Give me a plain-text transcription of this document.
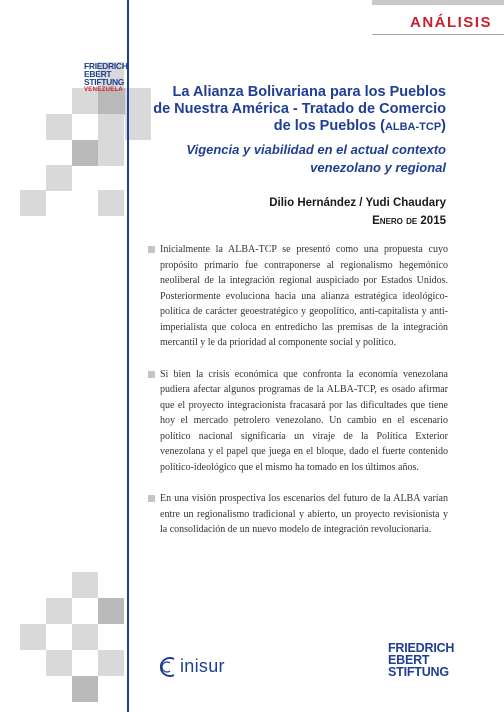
ANÁLISIS
FRIEDRICH
EBERT
STIFTUNG
VENEZUELA	La Alianza Bolivariana para los Pueblos
de Nuestra América - Tratado de Comercio
de los Pueblos (ALBA-TCP)
Vigencia y viabilidad en el actual contexto
venezolano y regional
Dilio Hernández / Yudi Chaudary
Enero de 2015
Inicialmente la ALBA-TCP se presentó como una propuesta cuyo propósito primario fue contraponerse al regionalismo hegemónico neoliberal de la integración regional auspiciado por Estados Unidos. Posteriormente evoluciona hacia una alianza estratégica ideológico-política de carácter geoestratégico y geopolítico, anti-capitalista y anti-imperialista que coloca en entredicho las premisas de la integración mercantil y le da prioridad al componente social y político.
Si bien la crisis económica que confronta la economía venezolana pudiera afectar algunos programas de la ALBA-TCP, es osado afirmar que el proyecto integracionista fracasará por las dificultades que tiene hoy el mercado petrolero venezolano. Un cambio en el escenario político nacional significaría un viraje de la Política Exterior venezolana y el papel que juega en el bloque, dado el fuerte contenido político-ideológico que el mismo ha tomado en los últimos años.
En una visión prospectiva los escenarios del futuro de la ALBA varían entre un regionalismo tradicional y abierto, un proyecto revisionista y la consolidación de un nuevo modelo de integración revolucionaria.
inisur
FRIEDRICH
EBERT
STIFTUNG
